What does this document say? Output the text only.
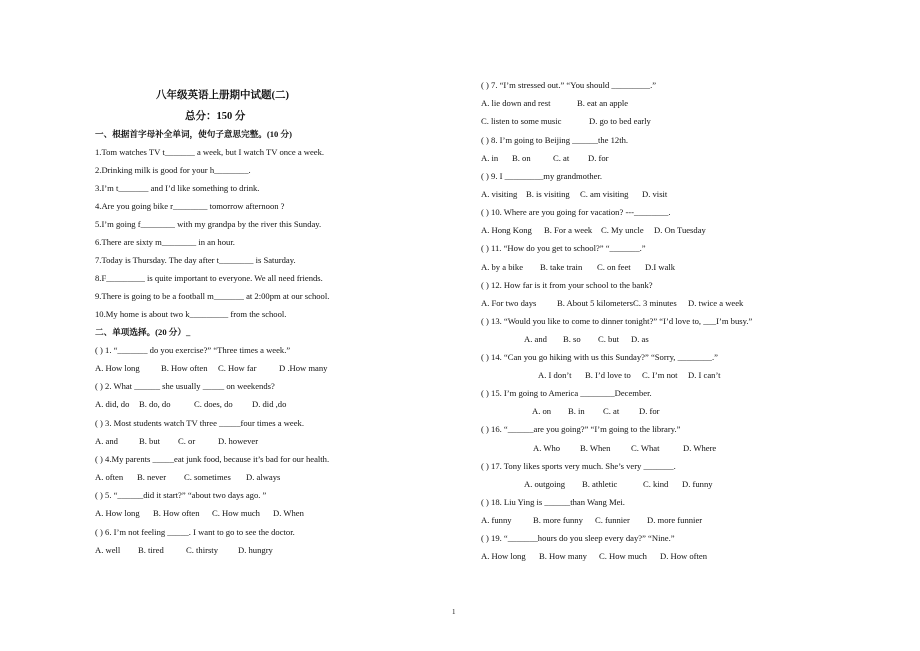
八年级英语上册期中试题(二)
总分：150 分
一、根据首字母补全单词，使句子意思完整。(10 分)
1.Tom watches TV t_______ a week, but I watch TV once a week.
2.Drinking milk is good for your h________.
3.I’m t_______ and I’d like something to drink.
4.Are you going bike r________ tomorrow afternoon ?
5.I’m going f________ with my grandpa by the river this Sunday.
6.There are sixty m________ in an hour.
7.Today is Thursday. The day after t________ is Saturday.
8.F_________ is quite important to everyone. We all need friends.
9.There is going to be a football m_______ at 2:00pm at our school.
10.My home is about two k_________ from the school.
二、单项选择。(20 分）_
( ) 1. “_______ do you exercise?” “Three times a week.”
A. How long B. How often C. How far	D .How many
( ) 2. What ______ she usually _____ on weekends?
A. did, do B. do, do	C. does, do D. did ,do
( ) 3. Most students watch TV three _____four times a week.
A. and B. but C. or	D. however
( ) 4.My parents _____eat junk food, because it’s bad for our health.
A. often B. never C. sometimes D. always
( ) 5. “______did it start?” “about two days ago. ”
A. How long B. How often C. How much D. When
( ) 6. I’m not feeling _____. I want to go to see the doctor.
A. well B. tired	C. thirsty D. hungry
( ) 7. “I’m stressed out.” “You should _________.”
A. lie down and rest	B. eat an apple
C. listen to some music	D. go to bed early
( ) 8. I’m going to Beijing ______the 12th.
A. in B. on	C. at D. for
( ) 9. I _________my grandmother.
A. visiting B. is visiting C. am visiting D. visit
( ) 10. Where are you going for vacation? ---________.
A. Hong Kong B. For a week C. My uncle D. On Tuesday
( ) 11. “How do you get to school?” “_______.”
A. by a bike B. take train C. on feet D.I walk
( ) 12. How far is it from your school to the bank?
A. For two days B. About 5 kilometers C. 3 minutes D. twice a week
( ) 13. “Would you like to come to dinner tonight?” “I’d love to, ___I’m busy.”
A. and B. so C. but D. as
( ) 14. “Can you go hiking with us this Sunday?” “Sorry, ________.”
A. I don’t B. I’d love to C. I’m not D. I can’t
( ) 15. I’m going to America ________December.
A. on B. in C. at D. for
( ) 16. “______are you going?” “I’m going to the library.”
A. Who B. When C. What	D. Where
( ) 17. Tony likes sports very much. She’s very _______.
A. outgoing B. athletic	C. kind D. funny
( ) 18. Liu Ying is ______than Wang Mei.
A. funny B. more funny C. funnier D. more funnier
( ) 19. “_______hours do you sleep every day?” “Nine.”
A. How long B. How many C. How much D. How often
1
